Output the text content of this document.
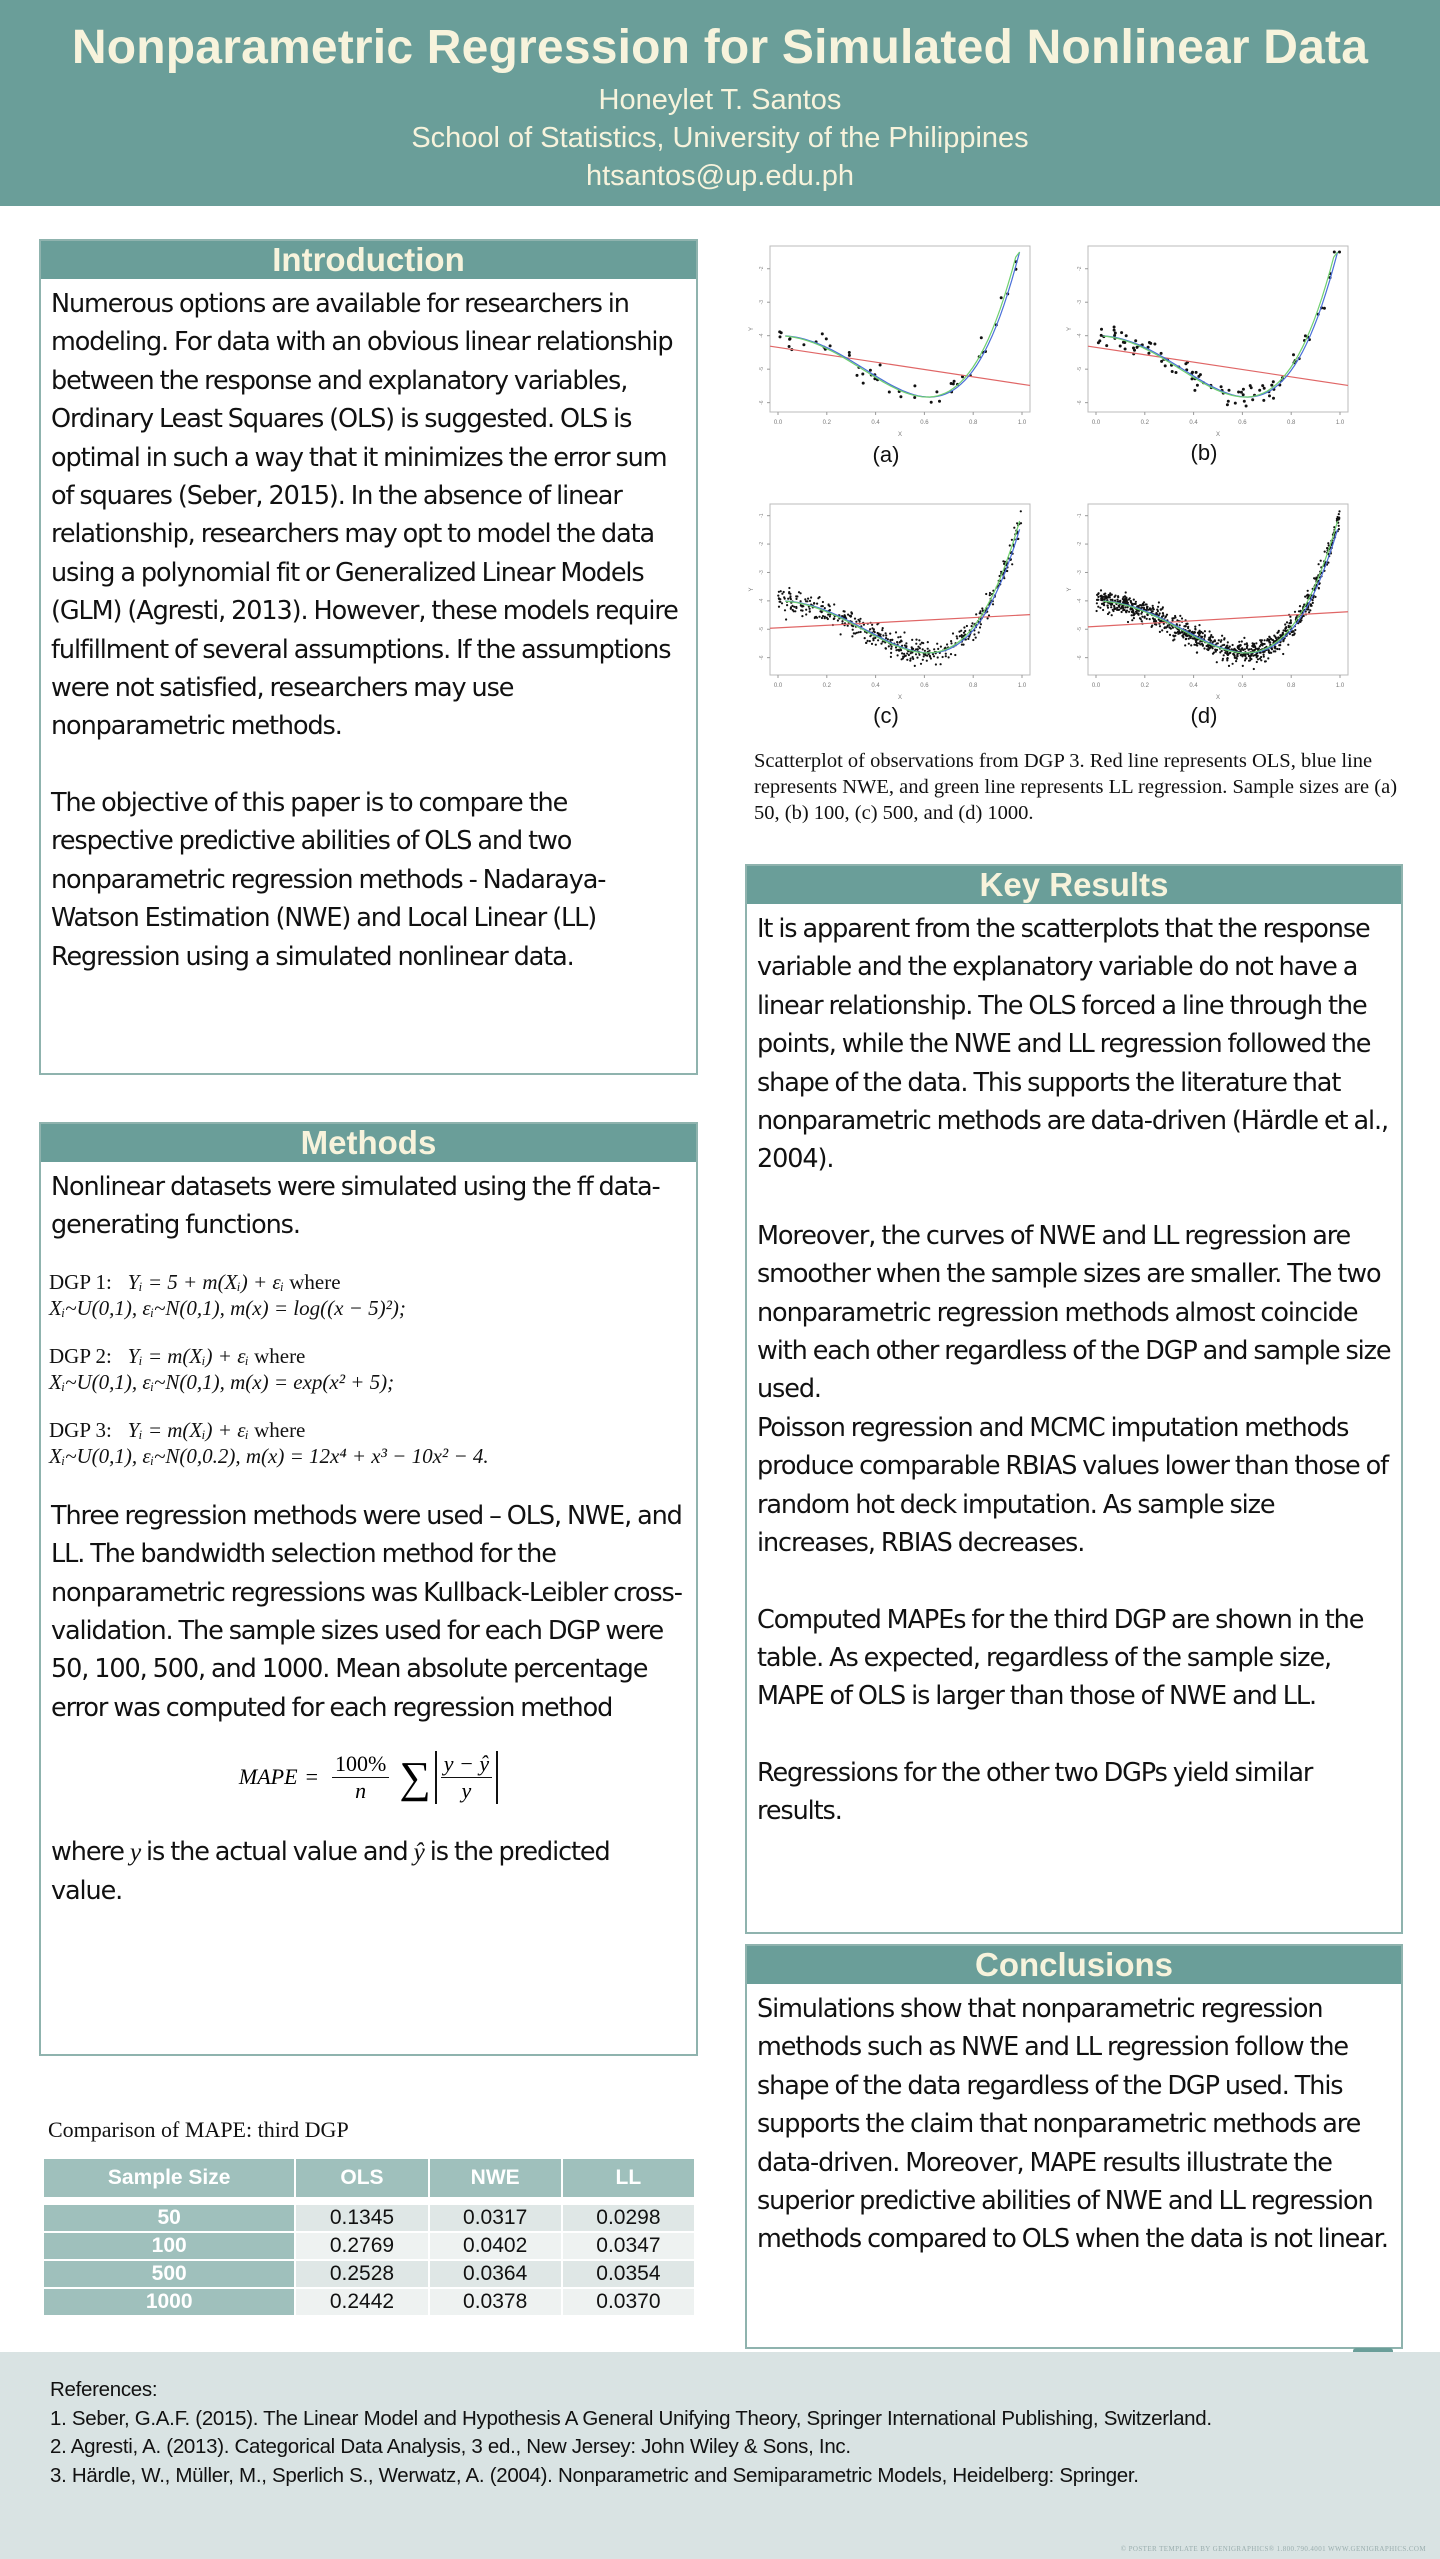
Nonparametric Regression for Simulated Nonlinear Data
Honeylet T. Santos
School of Statistics, University of the Philippines
htsantos@up.edu.ph
Introduction
Numerous options are available for researchers in modeling. For data with an obvious linear relationship between the response and explanatory variables, Ordinary Least Squares (OLS) is suggested. OLS is optimal in such a way that it minimizes the error sum of squares (Seber, 2015). In the absence of linear relationship, researchers may opt to model the data using a polynomial fit or Generalized Linear Models (GLM) (Agresti, 2013). However, these models require fulfillment of several assumptions. If the assumptions were not satisfied, researchers may use nonparametric methods.
The objective of this paper is to compare the respective predictive abilities of OLS and two nonparametric regression methods - Nadaraya-Watson Estimation (NWE) and Local Linear (LL) Regression using a simulated nonlinear data.
Methods
Nonlinear datasets were simulated using the ff data-generating functions.
DGP 1: Yᵢ = 5 + m(Xᵢ) + εᵢ where
Xᵢ~U(0,1), εᵢ~N(0,1), m(x) = log((x − 5)²);
DGP 2: Yᵢ = m(Xᵢ) + εᵢ where
Xᵢ~U(0,1), εᵢ~N(0,1), m(x) = exp(x² + 5);
DGP 3: Yᵢ = m(Xᵢ) + εᵢ where
Xᵢ~U(0,1), εᵢ~N(0,0.2), m(x) = 12x⁴ + x³ − 10x² − 4.
Three regression methods were used – OLS, NWE, and LL. The bandwidth selection method for the nonparametric regressions was Kullback-Leibler cross-validation. The sample sizes used for each DGP were 50, 100, 500, and 1000. Mean absolute percentage error was computed for each regression method
MAPE = $\frac{100\%}{n}$ ∑ $\frac{y - ŷ}{y}$
where y is the actual value and ŷ is the predicted value.
Comparison of MAPE: third DGP
Sample Size	OLS	NWE	LL

50	0.1345	0.0317	0.0298
100	0.2769	0.0402	0.0347
500	0.2528	0.0364	0.0354
1000	0.2442	0.0378	0.0370
0.0	0.2	0.4	0.6	0.8	1.0
X
-6
-5
-4
-3
-2
Y
(a)
0.0	0.2	0.4	0.6	0.8	1.0
X
-6
-5
-4
-3
-2
Y
(b)
0.0	0.2	0.4	0.6	0.8	1.0
X
-6
-5
-4
-3
-2
-1
Y
(c)
0.0	0.2	0.4	0.6	0.8	1.0
X
-6
-5
-4
-3
-2
-1
Y
(d)
Scatterplot of observations from DGP 3. Red line represents OLS, blue line represents NWE, and green line represents LL regression. Sample sizes are (a) 50, (b) 100, (c) 500, and (d) 1000.
Key Results
It is apparent from the scatterplots that the response variable and the explanatory variable do not have a linear relationship. The OLS forced a line through the points, while the NWE and LL regression followed the shape of the data. This supports the literature that nonparametric methods are data-driven (Härdle et al., 2004).
Moreover, the curves of NWE and LL regression are smoother when the sample sizes are smaller. The two nonparametric regression methods almost coincide with each other regardless of the DGP and sample size used.
Poisson regression and MCMC imputation methods produce comparable RBIAS values lower than those of random hot deck imputation. As sample size increases, RBIAS decreases.
Computed MAPEs for the third DGP are shown in the table. As expected, regardless of the sample size, MAPE of OLS is larger than those of NWE and LL.
Regressions for the other two DGPs yield similar results.
Conclusions
Simulations show that nonparametric regression methods such as NWE and LL regression follow the shape of the data regardless of the DGP used. This supports the claim that nonparametric methods are data-driven. Moreover, MAPE results illustrate the superior predictive abilities of NWE and LL regression methods compared to OLS when the data is not linear.
References:
1. Seber, G.A.F. (2015). The Linear Model and Hypothesis A General Unifying Theory, Springer International Publishing, Switzerland.
2. Agresti, A. (2013). Categorical Data Analysis, 3 ed., New Jersey: John Wiley & Sons, Inc.
3. Härdle, W., Müller, M., Sperlich S., Werwatz, A. (2004). Nonparametric and Semiparametric Models, Heidelberg: Springer.
© POSTER TEMPLATE BY GENIGRAPHICS® 1.800.790.4001 WWW.GENIGRAPHICS.COM
